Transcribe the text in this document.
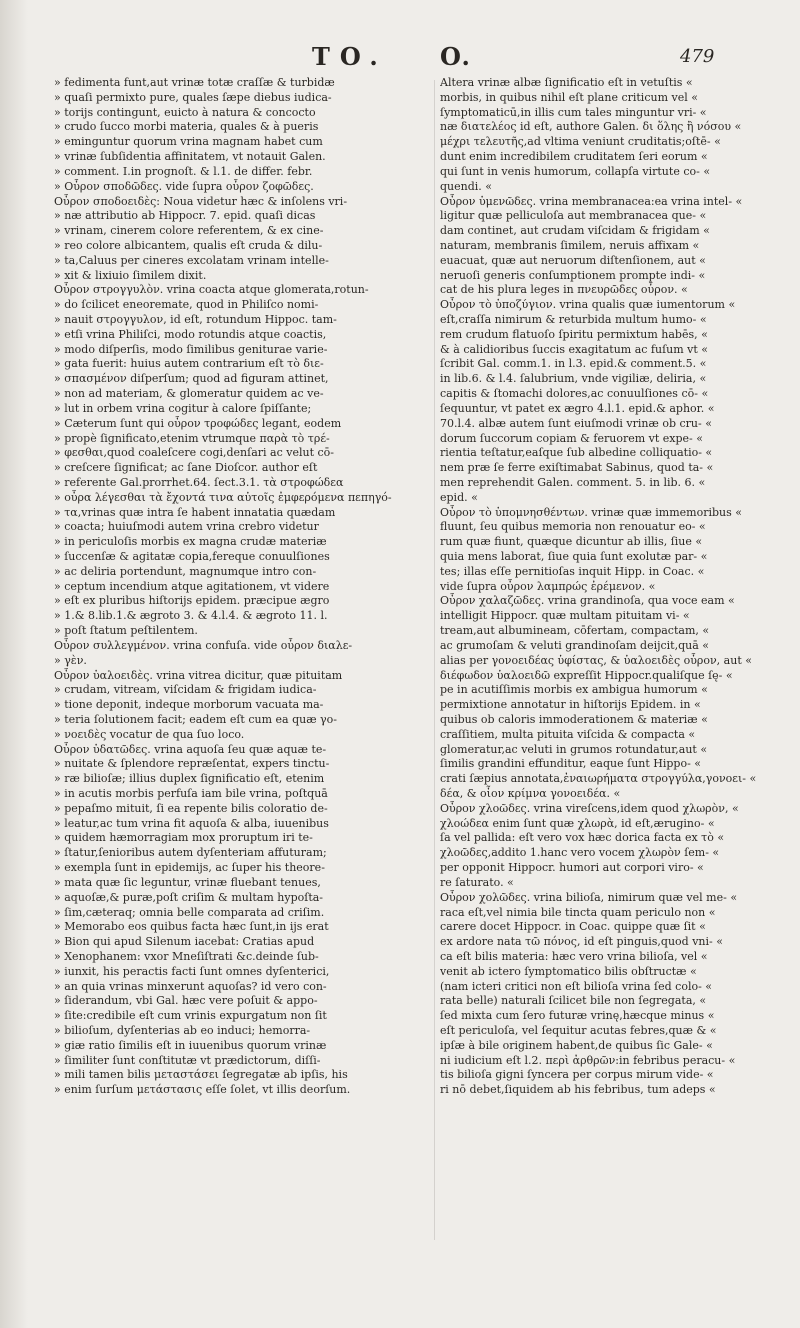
TO. O.	479
» fedimenta funt,aut vrinæ totæ craſſæ & turbidæ
» quaſi permixto pure, quales ſæpe diebus iudica-
» torijs contingunt, euicto à natura & concocto
» crudo ſucco morbi materia, quales & à pueris
» eminguntur quorum vrina magnam habet cum
» vrinæ ſubſidentia affinitatem, vt notauit Galen.
» comment. I.in prognoſt. & l.1. de differ. febr.
» Οὖρον σποδῶδες. vide ſupra οὖρον ζοφῶδες.
Οὖρον σποδοειδὲς: Noua videtur hæc & inſolens vri-
» næ attributio ab Hippocr. 7. epid. quaſi dicas
» vrinam, cinerem colore referentem, & ex cine-
» reo colore albicantem, qualis eſt cruda & dilu-
» ta,Caluus per cineres excolatam vrinam intelle-
» xit & lixiuio ſimilem dixit.
Οὖρον στρογγυλὸν. vrina coacta atque glomerata,rotun-
» do ſcilicet eneoremate, quod in Philiſco nomi-
» nauit στρογγυλον, id eſt, rotundum Hippoc. tam-
» etſi vrina Philiſci, modo rotundis atque coactis,
» modo diſperſis, modo ſimilibus geniturae varie-
» gata fuerit: huius autem contrarium eſt τὸ διε-
» σπασμένον diſperſum; quod ad figuram attinet,
» non ad materiam, & glomeratur quidem ac ve-
» lut in orbem vrina cogitur à calore ſpiſſante;
» Cæterum ſunt qui οὖρον τροφώδες legant, eodem
» propè ſignificato,etenim vtrumque παρὰ τὸ τρέ-
» φεσθαι,quod coaleſcere cogi,denſari ac velut cō-
» creſcere ſignificat; ac ſane Dioſcor. author eſt
» referente Gal.prorrhet.64. ſect.3.1. τὰ στροφώδεα
» οὖρα λέγεσθαι τὰ ἔχοντά τινα αὐτοῖς ἐμφερόμενα πεπηγό-
» τα,vrinas quæ intra ſe habent innatatia quædam
» coacta; huiuſmodi autem vrina crebro videtur
» in periculoſis morbis ex magna crudæ materiæ
» ſuccenſæ & agitatæ copia,fereque conuulſiones
» ac deliria portendunt, magnumque intro con-
» ceptum incendium atque agitationem, vt videre
» eſt ex pluribus hiſtorijs epidem. præcipue ægro
» 1.& 8.lib.1.& ægroto 3. & 4.l.4. & ægroto 11. l.
» poſt ſtatum peſtilentem.
Οὖρον συλλεγμένον. vrina confuſa. vide οὖρον διαλε-
» γὲν.
Οὖρον ὑαλοειδὲς. vrina vitrea dicitur, quæ pituitam
» crudam, vitream, viſcidam & frigidam iudica-
» tione deponit, indeque morborum vacuata ma-
» teria ſolutionem facit; eadem eſt cum ea quæ γο-
» νοειδὲς vocatur de qua ſuo loco.
Οὖρον ὑδατῶδες. vrina aquoſa ſeu quæ aquæ te-
» nuitate & ſplendore repræſentat, expers tinctu-
» ræ bilioſæ; illius duplex ſignificatio eſt, etenim
» in acutis morbis perfuſa iam bile vrina, poſtquā
» pepaſmo mituit, ſi ea repente bilis coloratio de-
» leatur,ac tum vrina fit aquoſa & alba, iuuenibus
» quidem hæmorragiam mox proruptum iri te-
» ſtatur,ſenioribus autem dyſenteriam affuturam;
» exempla ſunt in epidemijs, ac ſuper his theore-
» mata quæ ſic leguntur, vrinæ fluebant tenues,
» aquoſæ,& puræ,poſt criſim & multam hypoſta-
» ſim,cæteraq; omnia belle comparata ad criſim.
» Memorabo eos quibus facta hæc ſunt,in ijs erat
» Bion qui apud Silenum iacebat: Cratias apud
» Xenophanem: vxor Mneſiſtrati &c.deinde ſub-
» iunxit, his peractis facti ſunt omnes dyſenterici,
» an quia vrinas minxerunt aquoſas? id vero con-
» ſiderandum, vbi Gal. hæc vere poſuit & appo-
» ſite:credibile eſt cum vrinis expurgatum non ſit
» bilioſum, dyſenterias ab eo induci; hemorra-
» giæ ratio ſimilis eſt in iuuenibus quorum vrinæ
» ſimiliter ſunt conſtitutæ vt prædictorum, diſſi-
» mili tamen bilis μεταστάσει ſegregatæ ab ipſis, his
» enim ſurſum μετάστασις eſſe ſolet, vt illis deorſum.
Altera vrinæ albæ ſignificatio eſt in vetuſtis «
morbis, in quibus nihil eſt plane criticum vel «
ſymptomaticū,in illis cum tales minguntur vri- «
næ διατελέος id eſt, authore Galen. δι ὅλης ἢ νόσου «
μέχρι τελευτῆς,ad vltima veniunt cruditatis;oſtē- «
dunt enim incredibilem cruditatem ſeri eorum «
qui ſunt in venis humorum, collapſa virtute co- «
quendi. «
Οὖρον ὑμενῶδες. vrina membranacea:ea vrina intel- «
ligitur quæ pelliculoſa aut membranacea que- «
dam continet, aut crudam viſcidam & frigidam «
naturam, membranis ſimilem, neruis affixam «
euacuat, quæ aut neruorum diſtenſionem, aut «
neruoſi generis conſumptionem prompte indi- «
cat de his plura leges in πνευρῶδες οὖρον. «
Οὖρον τὸ ὑποζύγιον. vrina qualis quæ iumentorum «
eſt,craſſa nimirum & returbida multum humo- «
rem crudum flatuoſo ſpiritu permixtum habēs, «
& à calidioribus ſuccis exagitatum ac fuſum vt «
ſcribit Gal. comm.1. in l.3. epid.& comment.5. «
in lib.6. & l.4. ſalubrium, vnde vigiliæ, deliria, «
capitis & ſtomachi dolores,ac conuulſiones cō- «
ſequuntur, vt patet ex ægro 4.l.1. epid.& aphor. «
70.l.4. albæ autem ſunt eiuſmodi vrinæ ob cru- «
dorum ſuccorum copiam & feruorem vt expe- «
rientia teſtatur,eaſque ſub albedine colliquatio- «
nem præ ſe ferre exiſtimabat Sabinus, quod ta- «
men reprehendit Galen. comment. 5. in lib. 6. «
epid. «
Οὖρον τὸ ὑπομνησθέντων. vrinæ quæ immemoribus «
fluunt, ſeu quibus memoria non renouatur eo- «
rum quæ fiunt, quæque dicuntur ab illis, ſiue «
quia mens laborat, ſiue quia ſunt exolutæ par- «
tes; illas eſſe pernitioſas inquit Hipp. in Coac. «
vide ſupra οὖρον λαμπρώς ἐρέμενον. «
Οὖρον χαλαζῶδες. vrina grandinoſa, qua voce eam «
intelligit Hippocr. quæ multam pituitam vi- «
tream,aut albumineam, cōfertam, compactam, «
ac grumoſam & veluti grandinoſam deijcit,quā «
alias per γονοειδέας ὑφίστας, & ὑαλοειδὲς οὖρον, aut «
διέφωδον ὑαλοειδῶ expreſſit Hippocr.qualiſque ſę- «
pe in acutiſſimis morbis ex ambigua humorum «
permixtione annotatur in hiſtorijs Epidem. in «
quibus ob caloris immoderationem & materiæ «
craſſitiem, multa pituita viſcida & compacta «
glomeratur,ac veluti in grumos rotundatur,aut «
ſimilis grandini effunditur, eaque ſunt Hippo- «
crati ſæpius annotata,ἐναιωρήματα στρογγύλα,γονοει- «
δέα, & οἷον κρίμνα γονοειδέα. «
Οὖρον χλοῶδες. vrina vireſcens,idem quod χλωρὸν, «
χλοώδεα enim ſunt quæ χλωρὰ, id eſt,ærugino- «
ſa vel pallida: eſt vero vox hæc dorica facta ex τὸ «
χλοῶδες,addito 1.hanc vero vocem χλωρὸν ſem- «
per opponit Hippocr. humori aut corpori viro- «
re ſaturato. «
Οὖρον χολῶδες. vrina bilioſa, nimirum quæ vel me- «
raca eſt,vel nimia bile tincta quam periculo non «
carere docet Hippocr. in Coac. quippe quæ ſit «
ex ardore nata τῶ πόνος, id eſt pinguis,quod vni- «
ca eſt bilis materia: hæc vero vrina bilioſa, vel «
venit ab ictero ſymptomatico bilis obſtructæ «
(nam icteri critici non eſt bilioſa vrina ſed colo- «
rata belle) naturali ſcilicet bile non ſegregata, «
ſed mixta cum ſero futuræ vrinę,hæcque minus «
eſt periculoſa, vel ſequitur acutas febres,quæ & «
ipſæ à bile originem habent,de quibus ſic Gale- «
ni iudicium eſt l.2. περὶ ἀρθρῶν:in febribus peracu- «
tis bilioſa gigni ſyncera per corpus mirum vide- «
ri nō debet,ſiquidem ab his febribus, tum adeps «
